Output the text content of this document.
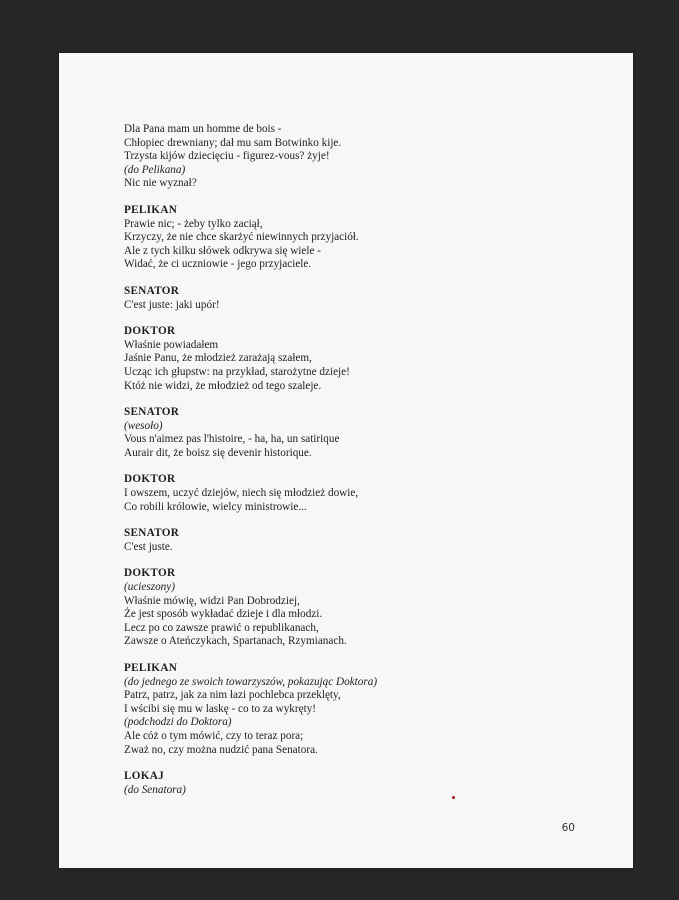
Dla Pana mam un homme de bois -
Chłopiec drewniany; dał mu sam Botwinko kije.
Trzysta kijów dziecięciu - figurez-vous? żyje!
(do Pelikana)
Nic nie wyznał?
PELIKAN
Prawie nic; - żeby tylko zaciął,
Krzyczy, że nie chce skarżyć niewinnych przyjaciół.
Ale z tych kilku słówek odkrywa się wiele -
Widać, że ci uczniowie - jego przyjaciele.
SENATOR
C'est juste: jaki upór!
DOKTOR
Właśnie powiadałem
Jaśnie Panu, że młodzież zarażają szałem,
Ucząc ich głupstw: na przykład, starożytne dzieje!
Któż nie widzi, że młodzież od tego szaleje.
SENATOR
(wesoło)
Vous n'aimez pas l'histoire, - ha, ha, un satirique
Aurair dit, że boisz się devenir historique.
DOKTOR
I owszem, uczyć dziejów, niech się młodzież dowie,
Co robili królowie, wielcy ministrowie...
SENATOR
C'est juste.
DOKTOR
(ucieszony)
Właśnie mówię, widzi Pan Dobrodziej,
Że jest sposób wykładać dzieje i dla młodzi.
Lecz po co zawsze prawić o republikanach,
Zawsze o Ateńczykach, Spartanach, Rzymianach.
PELIKAN
(do jednego ze swoich towarzyszów, pokazując Doktora)
Patrz, patrz, jak za nim łazi pochlebca przeklęty,
I wścibi się mu w laskę - co to za wykręty!
(podchodzi do Doktora)
Ale cóż o tym mówić, czy to teraz pora;
Zważ no, czy można nudzić pana Senatora.
LOKAJ
(do Senatora)
60
